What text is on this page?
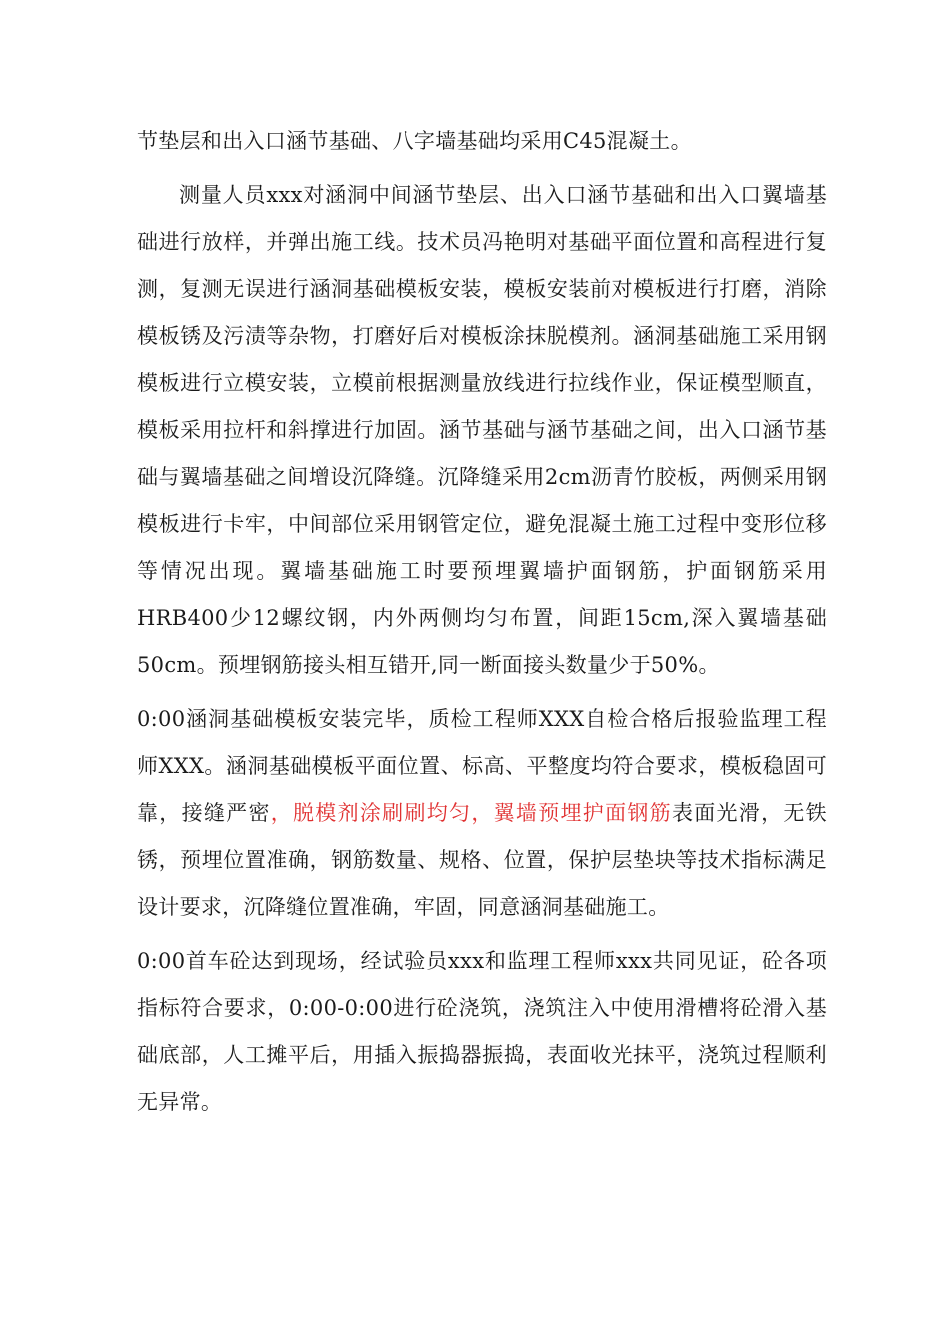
节垫层和出入口涵节基础、八字墙基础均采用C45混凝土。

测量人员xxx对涵洞中间涵节垫层、出入口涵节基础和出入口翼墙基础进行放样，并弹出施工线。技术员冯艳明对基础平面位置和高程进行复测，复测无误进行涵洞基础模板安装，模板安装前对模板进行打磨，消除模板锈及污渍等杂物，打磨好后对模板涂抹脱模剂。涵洞基础施工采用钢模板进行立模安装，立模前根据测量放线进行拉线作业，保证模型顺直，模板采用拉杆和斜撑进行加固。涵节基础与涵节基础之间，出入口涵节基础与翼墙基础之间增设沉降缝。沉降缝采用2cm沥青竹胶板，两侧采用钢模板进行卡牢，中间部位采用钢管定位，避免混凝土施工过程中变形位移等情况出现。翼墙基础施工时要预埋翼墙护面钢筋，护面钢筋采用HRB400少12螺纹钢，内外两侧均匀布置，间距15cm,深入翼墙基础50cm。预埋钢筋接头相互错开,同一断面接头数量少于50%。

0:00涵洞基础模板安装完毕，质检工程师XXX自检合格后报验监理工程师XXX。涵洞基础模板平面位置、标高、平整度均符合要求，模板稳固可靠，接缝严密，脱模剂涂刷刷均匀，翼墙预埋护面钢筋表面光滑，无铁锈，预埋位置准确，钢筋数量、规格、位置，保护层垫块等技术指标满足设计要求，沉降缝位置准确，牢固，同意涵洞基础施工。

0:00首车砼达到现场，经试验员xxx和监理工程师xxx共同见证，砼各项指标符合要求，0:00-0:00进行砼浇筑，浇筑注入中使用滑槽将砼滑入基础底部，人工摊平后，用插入振捣器振捣，表面收光抹平，浇筑过程顺利无异常。
